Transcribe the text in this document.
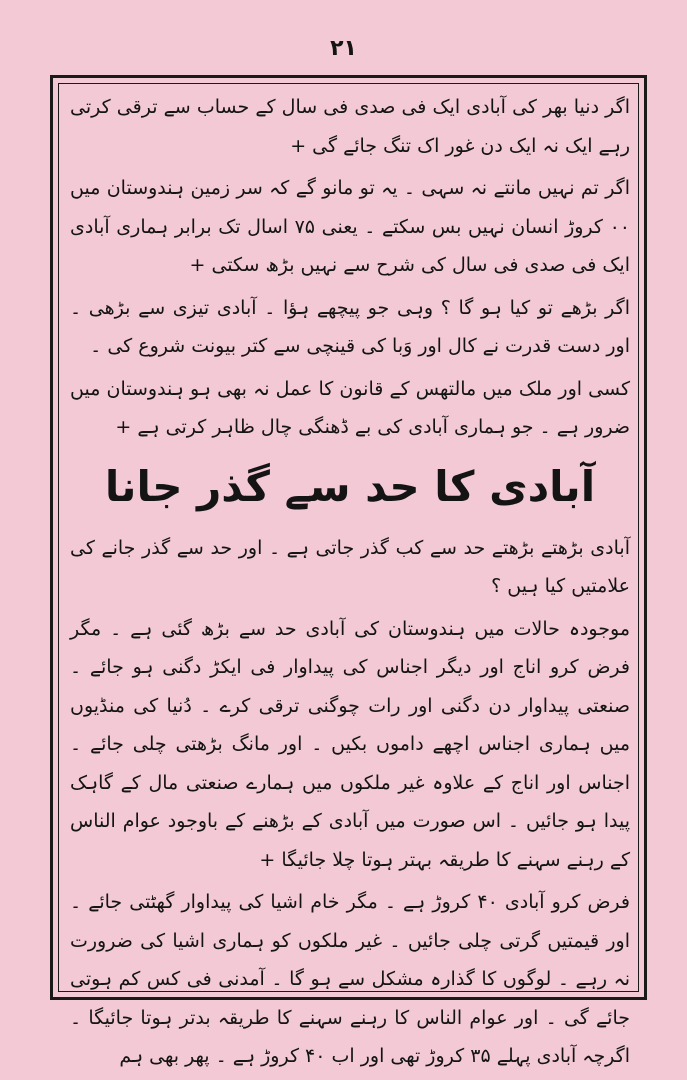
۲۱

اگر دنیا بھر کی آبادی ایک فی صدی فی سال کے حساب سے ترقی کرتی رہے ایک نہ ایک دن غور اک تنگ جائے گی +

اگر تم نہیں مانتے نہ سہی ۔ یہ تو مانو گے کہ سر زمین ہندوستان میں ۰۰ کروڑ انسان نہیں بس سکتے ۔ یعنی ۷۵ اسال تک برابر ہماری آبادی ایک فی صدی فی سال کی شرح سے نہیں بڑھ سکتی +

اگر بڑھے تو کیا ہو گا ؟ وہی جو پیچھے ہؤا ۔ آبادی تیزی سے بڑھی ۔ اور دست قدرت نے کال اور وَبا کی قینچی سے کتر بیونت شروع کی ۔

کسی اور ملک میں مالتھس کے قانون کا عمل نہ بھی ہو ہندوستان میں ضرور ہے ۔ جو ہماری آبادی کی بے ڈھنگی چال ظاہر کرتی ہے +

آبادی کا حد سے گذر جانا

آبادی بڑھتے بڑھتے حد سے کب گذر جاتی ہے ۔ اور حد سے گذر جانے کی علامتیں کیا ہیں ؟

موجودہ حالات میں ہندوستان کی آبادی حد سے بڑھ گئی ہے ۔ مگر فرض کرو اناج اور دیگر اجناس کی پیداوار فی ایکڑ دگنی ہو جائے ۔ صنعتی پیداوار دن دگنی اور رات چوگنی ترقی کرے ۔ دُنیا کی منڈیوں میں ہماری اجناس اچھے داموں بکیں ۔ اور مانگ بڑھتی چلی جائے ۔ اجناس اور اناج کے علاوہ غیر ملکوں میں ہمارے صنعتی مال کے گاہک پیدا ہو جائیں ۔ اس صورت میں آبادی کے بڑھنے کے باوجود عوام الناس کے رہنے سہنے کا طریقہ بہتر ہوتا چلا جائیگا +

فرض کرو آبادی ۴۰ کروڑ ہے ۔ مگر خام اشیا کی پیداوار گھٹتی جائے ۔ اور قیمتیں گرتی چلی جائیں ۔ غیر ملکوں کو ہماری اشیا کی ضرورت نہ رہے ۔ لوگوں کا گذارہ مشکل سے ہو گا ۔ آمدنی فی کس کم ہوتی جائے گی ۔ اور عوام الناس کا رہنے سہنے کا طریقہ بدتر ہوتا جائیگا ۔ اگرچہ آبادی پہلے ۳۵ کروڑ تھی اور اب ۴۰ کروڑ ہے ۔ پھر بھی ہم
